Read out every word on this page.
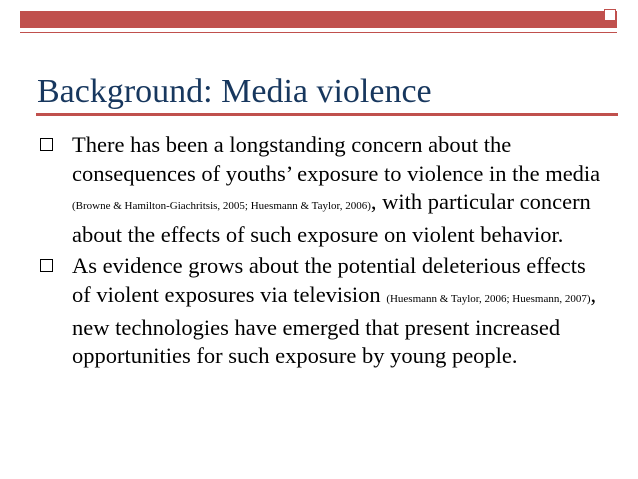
Background: Media violence
There has been a longstanding concern about the consequences of youths’ exposure to violence in the media (Browne & Hamilton-Giachritsis, 2005; Huesmann & Taylor, 2006), with particular concern about the effects of such exposure on violent behavior.
As evidence grows about the potential deleterious effects of violent exposures via television (Huesmann & Taylor, 2006; Huesmann, 2007), new technologies have emerged that present increased opportunities for such exposure by young people.
